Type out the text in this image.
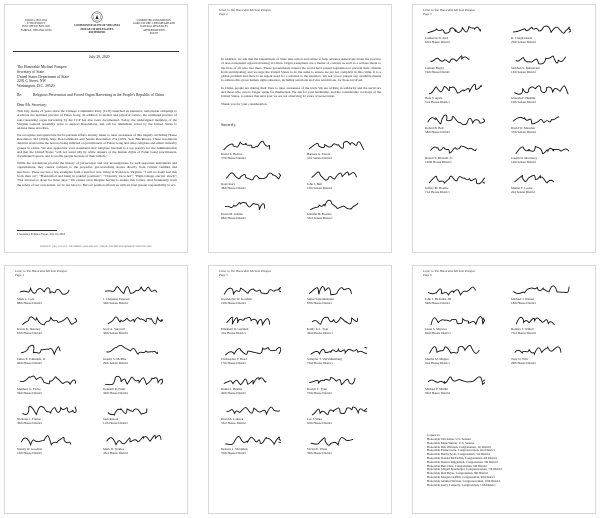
DAVID L. BULOVA
37TH DISTRICT
POST OFFICE BOX 1200
FAIRFAX, VIRGINIA 22038
COMMONWEALTH OF VIRGINIA
HOUSE OF DELEGATES
RICHMOND
COMMITTEE ASSIGNMENTS:
AGRICULTURE, CHESAPEAKE AND NATURAL RESOURCES
APPROPRIATIONS
RULES
July 28, 2020
The Honorable Michael Pompeo
Secretary of State
United States Department of State
2201 C Street, NW
Washington, D.C. 20520
Re:	Religious Persecution and Forced Organ Harvesting in the People's Republic of China
Dear Mr. Secretary:

This July marks 21 years since the Chinese Communist Party (CCP) launched an intensive, nationwide campaign to eradicate the spiritual practice of Falun Gong. In addition to mental and physical torture, the estimated practice of non-consenting organ harvesting by the CCP has also been documented. Today, the undersigned members of the Virginia General Assembly write to support Resolutions, and call for immediate action by the United States to address these atrocities.

We recognize and appreciate the bi-partisan efforts already taken to raise awareness of this tragedy, including House Resolution 343 (2016), Rep. Ros-Lehtinen's and Senate Resolution 274 (2019, Sen. Blackburn). These resolutions detail in stark terms the horrors being inflicted on practitioners of Falun Gong and other religious and ethnic minority groups in China. We also appreciate your statements that religious freedom is a top priority for the Administration and that the United States "will not stand idly by while abusers of the human rights of Falun Gong practitioners, documented spaces, and to profile people because of their beliefs."

While the resolutions provide the history of persecution and any investigations by well-respected individuals and organizations, they cannot compare to the powerful, gut-wrenching stories directly from victims' families and survivors. These are just a few examples from a survivor now living in Yorktown, Virginia: "I will no doubt feel this from then on"; "Handcuffed and hung in painful positions"; "Violently force-fed"; "High-voltage electric shock"; "Not allowed to sleep for three days." We cannot even imagine having to endure this torture. And fortunately, from the safety of our own nation, we do not have to. But our position affords us with an even greater responsibility to act.

1 Secretary Pompeo Tweet, July 16, 2019
DISTRICT: (703) 310-6752 • RICHMOND: (804) 698-1037 • EMAIL: DELDBULOVA@HOUSE.VIRGINIA.GOV
Letter to The Honorable Michael Pompeo
Page 2

In addition, we ask that the Department of State take action and refuse to help advance Americans about the practice of non-consensual organ harvesting in China. Organ transplants are a matter of concern as well as a serious threat to the lives of all who live there. These governments around the world have passed legislation to prevent their citizens from participating, and we urge the United States to do the same to ensure we are not complicit in this crime. It is a global problem and there is an urgent need for a solution to the situation. We ask you to pursue any available means to address this grave human rights situation, including sanctions and visa restrictions, for those involved.

In China, people are risking their lives to raise awareness of the truth. We are writing in solidarity and the survivors and those who can no longer speak for themselves. We ask for your leadership, and the considerable coverage of the United States, to ensure that next year we are not observing 22 years of persecution.

Thank you for your consideration.

Sincerely,
David L. Bulova
37th House District
Barbara A. Favola
31st Senate District
Kaye Kory
38th House District
John J. Bell
13th Senate District
Dawn M. Adams
68th House District
Jennifer B. Boysko
33rd Senate District
Letter to The Honorable Michael Pompeo
Page 3
Lashrecse D. Aird
63rd House District
R. Creigh Deeds
25th Senate District
Lamont Bagby
74th House District
Siobhan S. Dunnavant
12th Senate District
Hala S. Ayala
51st House District
Ghazala F. Hashmi
10th Senate District
Robert B. Bell
58th House District
David W. Marsden
37th Senate District
Robert S. Bloxom, Jr.
100th House District
Joseph D. Morrissey
16th Senate District
Jeffrey M. Bourne
71st House District
Mamie E. Locke
2nd Senate District
Letter to The Honorable Michael Pompeo
Page 4
Mark L. Cole
88th House District
J. Chapman Petersen
34th Senate District
Karrie K. Delaney
67th House District
Scott A. Surovell
36th Senate District
James E. Edmunds, II
60th House District
Jeremy S. McPike
29th Senate District
Matthew G. Fariss
59th House District
Kenneth R. Plum
36th House District
Nicholas J. Freitas
30th House District
Sam Rasoul
11th House District
Wendy W. Gooditis
10th House District
Mark D. Sickles
43rd House District
Letter to The Honorable Michael Pompeo
Page 5
Gwendolyn W. Gooditis
10th House District
Suhas Subramanyam
87th House District
Elizabeth R. Guzman
31st House District
Kathy K.L. Tran
42nd House District
Christopher T. Head
17th House District
Schuyler T. VanValkenburg
72nd House District
Daniel I. Helmer
40th House District
Roslyn C. Tyler
75th House District
David A. LaRock
33rd House District
Lee J. Ware
65th House District
Delores L. McQuinn
70th House District
Vivian E. Watts
39th House District
Letter to The Honorable Michael Pompeo
Page 6
John J. McGuire, III
56th House District
Michael J. Webert
18th House District
Jason S. Miyares
82nd House District
Rodney T. Willett
73rd House District
Martha M. Mugler
91st House District
Tony O. Wilt
26th House District
Michael P. Mullin
93rd House District
Copies to:
Honorable Tim Kaine, U.S. Senator
Honorable Mark Warner, U.S. Senator
Honorable Rob Wittman, Congressman, 1st District
Honorable Elaine Luria, Congresswoman, 2nd District
Honorable Bobby Scott, Congressman, 3rd District
Honorable Donald McEachin, Congressman, 4th District
Honorable Denver Riggleman, Congressman, 5th District
Honorable Ben Cline, Congressman, 6th District
Honorable Abigail Spanberger, Congresswoman, 7th District
Honorable Don Beyer, Congressman, 8th District
Honorable Morgan Griffith, Congressman, 9th District
Honorable Jennifer Wexton, Congresswoman, 10th District
Honorable Gerry Connolly, Congressman, 11th District
